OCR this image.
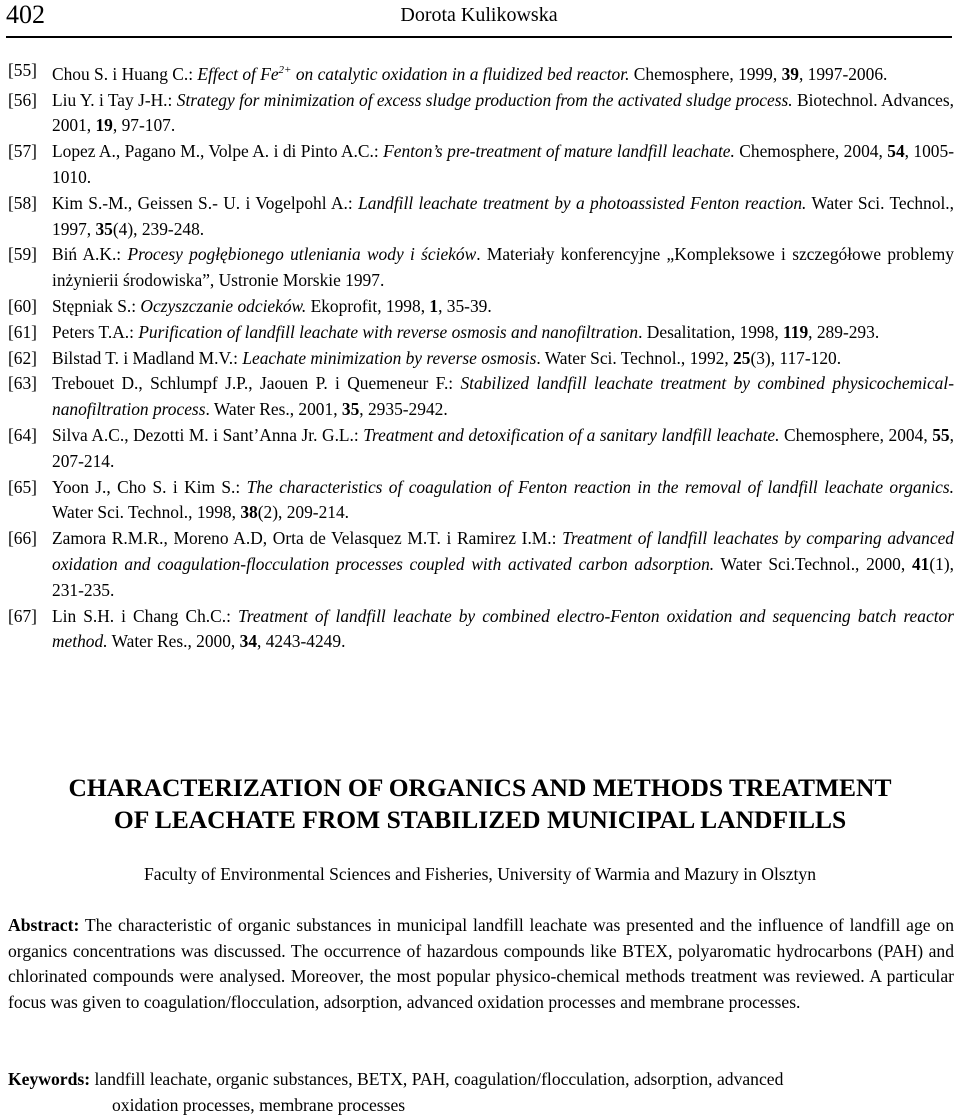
402	Dorota Kulikowska
[55] Chou S. i Huang C.: Effect of $Fe^{2+}$ on catalytic oxidation in a fluidized bed reactor. Chemosphere, 1999, 39, 1997-2006.
[56] Liu Y. i Tay J-H.: Strategy for minimization of excess sludge production from the activated sludge process. Biotechnol. Advances, 2001, 19, 97-107.
[57] Lopez A., Pagano M., Volpe A. i di Pinto A.C.: Fenton’s pre-treatment of mature landfill leachate. Chemosphere, 2004, 54, 1005-1010.
[58] Kim S.-M., Geissen S.- U. i Vogelpohl A.: Landfill leachate treatment by a photoassisted Fenton reaction. Water Sci. Technol., 1997, 35(4), 239-248.
[59] Biń A.K.: Procesy pogłębionego utleniania wody i ścieków. Materiały konferencyjne „Kompleksowe i szczegółowe problemy inżynierii środowiska”, Ustronie Morskie 1997.
[60] Stępniak S.: Oczyszczanie odcieków. Ekoprofit, 1998, 1, 35-39.
[61] Peters T.A.: Purification of landfill leachate with reverse osmosis and nanofiltration. Desalitation, 1998, 119, 289-293.
[62] Bilstad T. i Madland M.V.: Leachate minimization by reverse osmosis. Water Sci. Technol., 1992, 25(3), 117-120.
[63] Trebouet D., Schlumpf J.P., Jaouen P. i Quemeneur F.: Stabilized landfill leachate treatment by combined physicochemical-nanofiltration process. Water Res., 2001, 35, 2935-2942.
[64] Silva A.C., Dezotti M. i Sant’Anna Jr. G.L.: Treatment and detoxification of a sanitary landfill leachate. Chemosphere, 2004, 55, 207-214.
[65] Yoon J., Cho S. i Kim S.: The characteristics of coagulation of Fenton reaction in the removal of landfill leachate organics. Water Sci. Technol., 1998, 38(2), 209-214.
[66] Zamora R.M.R., Moreno A.D, Orta de Velasquez M.T. i Ramirez I.M.: Treatment of landfill leachates by comparing advanced oxidation and coagulation-flocculation processes coupled with activated carbon adsorption. Water Sci.Technol., 2000, 41(1), 231-235.
[67] Lin S.H. i Chang Ch.C.: Treatment of landfill leachate by combined electro-Fenton oxidation and sequencing batch reactor method. Water Res., 2000, 34, 4243-4249.
CHARACTERIZATION OF ORGANICS AND METHODS TREATMENT
OF LEACHATE FROM STABILIZED MUNICIPAL LANDFILLS
Faculty of Environmental Sciences and Fisheries, University of Warmia and Mazury in Olsztyn
Abstract: The characteristic of organic substances in municipal landfill leachate was presented and the influence of landfill age on organics concentrations was discussed. The occurrence of hazardous compounds like BTEX, polyaromatic hydrocarbons (PAH) and chlorinated compounds were analysed. Moreover, the most popular physico-chemical methods treatment was reviewed. A particular focus was given to coagulation/flocculation, adsorption, advanced oxidation processes and membrane processes.
Keywords: landfill leachate, organic substances, BETX, PAH, coagulation/flocculation, adsorption, advanced
oxidation processes, membrane processes
